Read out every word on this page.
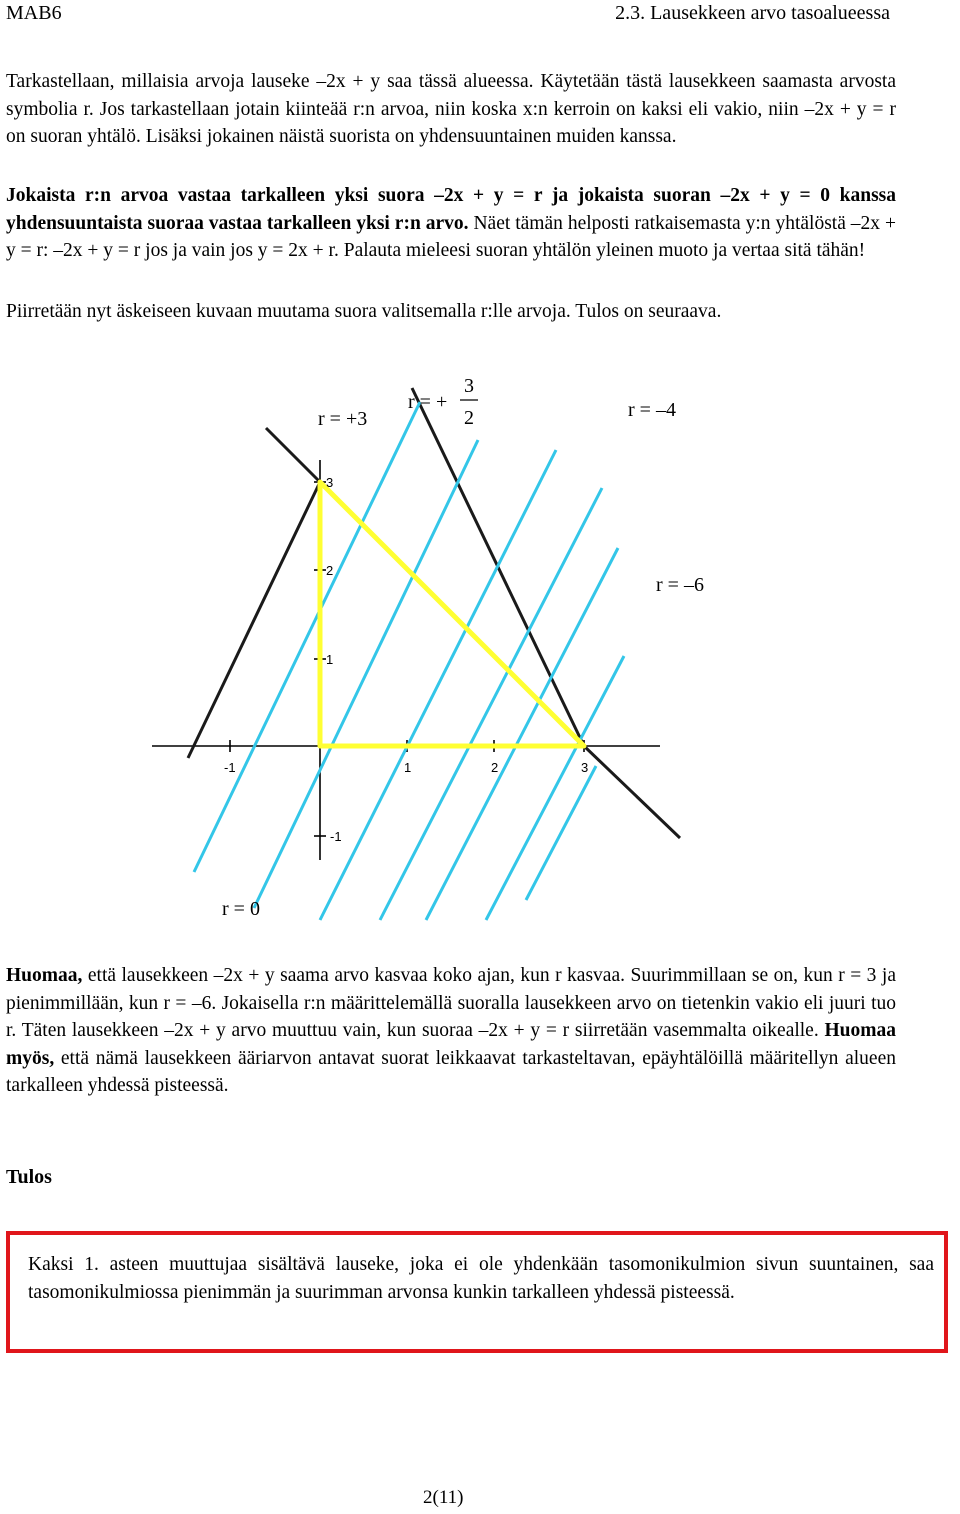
MAB6	2.3. Lausekkeen arvo tasoalueessa

Tarkastellaan, millaisia arvoja lauseke –2x + y saa tässä alueessa. Käytetään tästä lausekkeen saamasta arvosta symbolia r. Jos tarkastellaan jotain kiinteää r:n arvoa, niin koska x:n kerroin on kaksi eli vakio, niin –2x + y = r on suoran yhtälö. Lisäksi jokainen näistä suorista on yhdensuuntainen muiden kanssa.

Jokaista r:n arvoa vastaa tarkalleen yksi suora –2x + y = r ja jokaista suoran –2x + y = 0 kanssa yhdensuuntaista suoraa vastaa tarkalleen yksi r:n arvo. Näet tämän helposti ratkaisemasta y:n yhtälöstä –2x + y = r: –2x + y = r jos ja vain jos y = 2x + r. Palauta mieleesi suoran yhtälön yleinen muoto ja vertaa sitä tähän!

Piirretään nyt äskeiseen kuvaan muutama suora valitsemalla r:lle arvoja. Tulos on seuraava.

3
2
1
-1
-1	1	2	3
r = +3
r = +
3
2	r = –4
r = –6
r = 0

Huomaa, että lausekkeen –2x + y saama arvo kasvaa koko ajan, kun r kasvaa. Suurimmillaan se on, kun r = 3 ja pienimmillään, kun r = –6. Jokaisella r:n määrittelemällä suoralla lausekkeen arvo on tietenkin vakio eli juuri tuo r. Täten lausekkeen –2x + y arvo muuttuu vain, kun suoraa –2x + y = r siirretään vasemmalta oikealle. Huomaa myös, että nämä lausekkeen ääriarvon antavat suorat leikkaavat tarkasteltavan, epäyhtälöillä määritellyn alueen tarkalleen yhdessä pisteessä.

Tulos

Kaksi 1. asteen muuttujaa sisältävä lauseke, joka ei ole yhdenkään tasomonikulmion sivun suuntainen, saa tasomonikulmiossa pienimmän ja suurimman arvonsa kunkin tarkalleen yhdessä pisteessä.

2(11)
